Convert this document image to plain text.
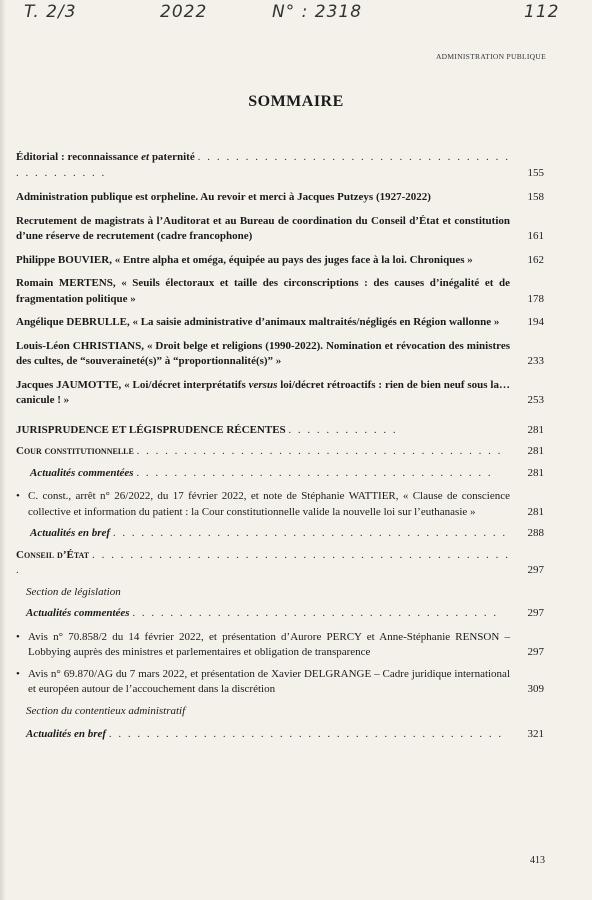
T. 2/3	2022	N° : 2318	112
ADMINISTRATION PUBLIQUE
SOMMAIRE
Éditorial : reconnaissance et paternité . . . . . . . . . . . . . . . . . . . . . . . . . . . . . . . . . . . . . . . . . . .	155
Administration publique est orpheline. Au revoir et merci à Jacques Putzeys (1927-2022)	158
Recrutement de magistrats à l’Auditorat et au Bureau de coordination du Conseil d’État et constitution d’une réserve de recrutement (cadre francophone)	161
Philippe BOUVIER, « Entre alpha et oméga, équipée au pays des juges face à la loi. Chroniques »	162
Romain MERTENS, « Seuils électoraux et taille des circonscriptions : des causes d’inégalité et de fragmentation politique »	178
Angélique DEBRULLE, « La saisie administrative d’animaux maltraités/négligés en Région wallonne »	194
Louis-Léon CHRISTIANS, « Droit belge et religions (1990-2022). Nomination et révocation des ministres des cultes, de “souveraineté(s)” à “proportionnalité(s)” »	233
Jacques JAUMOTTE, « Loi/décret interprétatifs versus loi/décret rétroactifs : rien de bien neuf sous la… canicule ! »	253
JURISPRUDENCE ET LÉGISPRUDENCE RÉCENTES . . . . . . . . . . . .	281
Cour constitutionnelle . . . . . . . . . . . . . . . . . . . . . . . . . . . . . . . . . . . . . . .	281
Actualités commentées . . . . . . . . . . . . . . . . . . . . . . . . . . . . . . . . . . . . . .	281
• C. const., arrêt n° 26/2022, du 17 février 2022, et note de Stéphanie WATTIER, « Clause de conscience collective et information du patient : la Cour constitutionnelle valide la nouvelle loi sur l’euthanasie »	281
Actualités en bref . . . . . . . . . . . . . . . . . . . . . . . . . . . . . . . . . . . . . . . . . .	288
Conseil d’État . . . . . . . . . . . . . . . . . . . . . . . . . . . . . . . . . . . . . . . . . . . . .	297
Section de législation
Actualités commentées . . . . . . . . . . . . . . . . . . . . . . . . . . . . . . . . . . . . . . .	297
• Avis n° 70.858/2 du 14 février 2022, et présentation d’Aurore PERCY et Anne-Stéphanie RENSON – Lobbying auprès des ministres et parlementaires et obligation de transparence	297
• Avis n° 69.870/AG du 7 mars 2022, et présentation de Xavier DELGRANGE – Cadre juridique international et européen autour de l’accouchement dans la discrétion	309
Section du contentieux administratif
Actualités en bref . . . . . . . . . . . . . . . . . . . . . . . . . . . . . . . . . . . . . . . . . .	321
413
